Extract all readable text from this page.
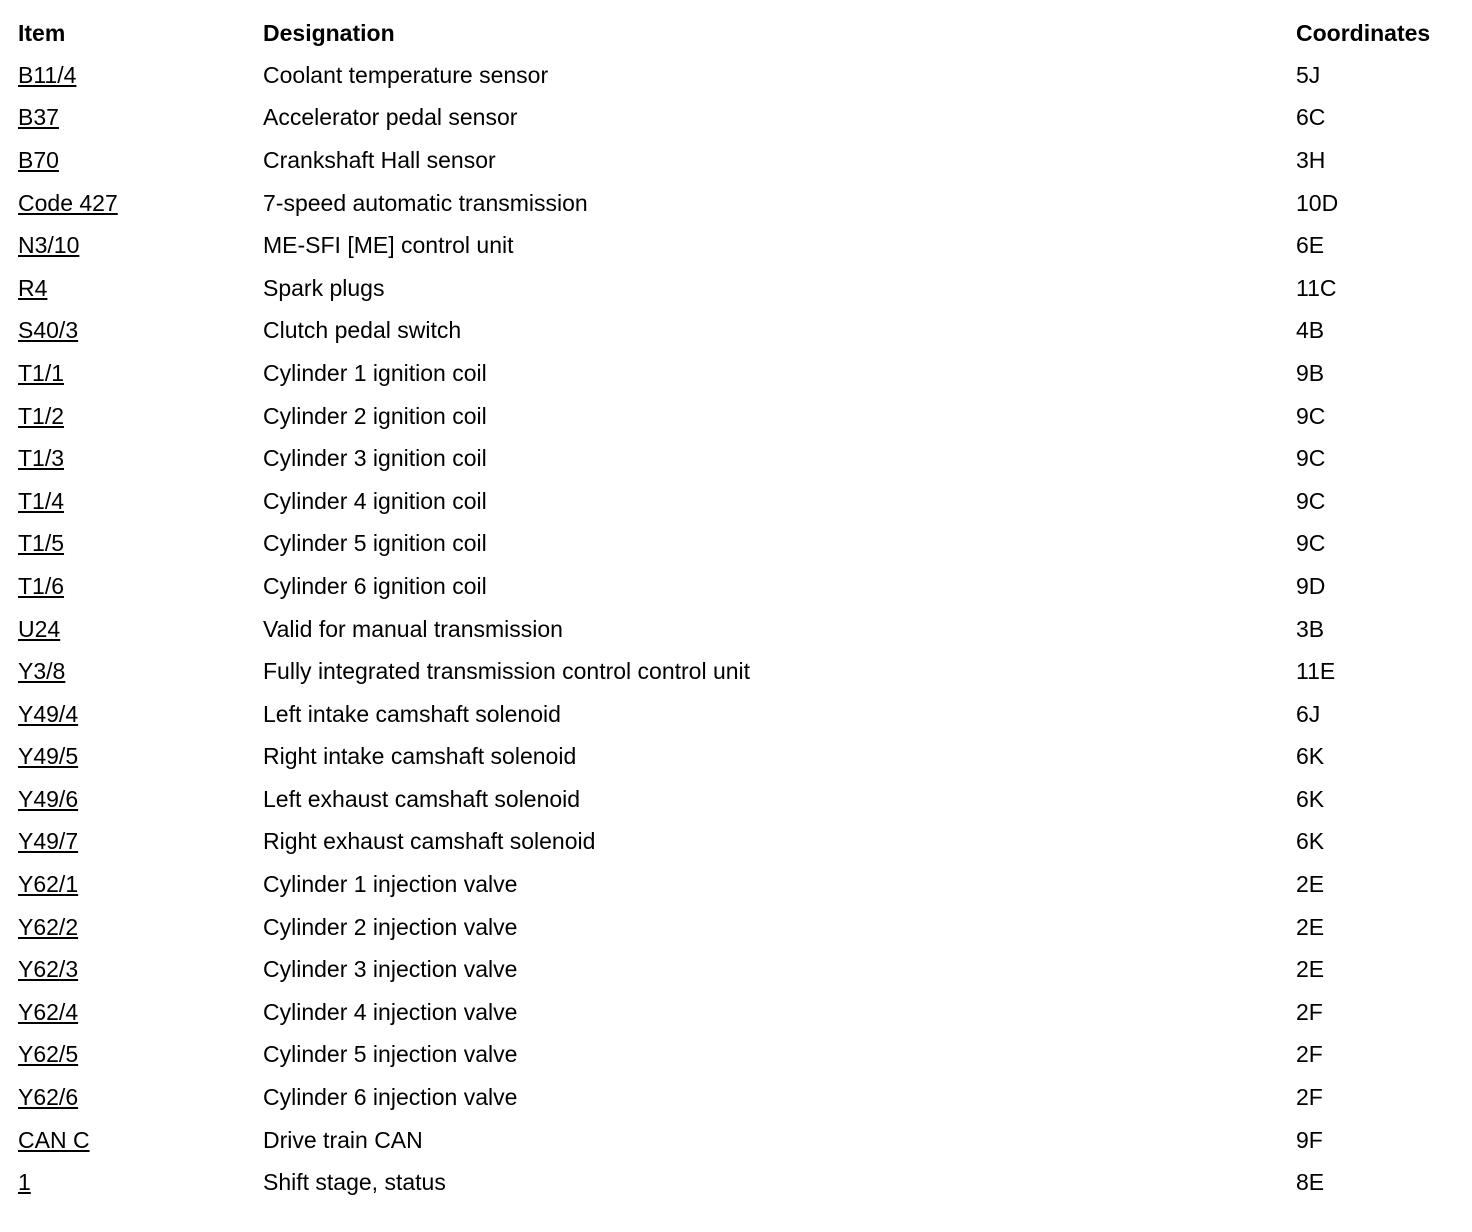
Item	Designation	Coordinates
B11/4	Coolant temperature sensor	5J
B37	Accelerator pedal sensor	6C
B70	Crankshaft Hall sensor	3H
Code 427	7-speed automatic transmission	10D
N3/10	ME-SFI [ME] control unit	6E
R4	Spark plugs	11C
S40/3	Clutch pedal switch	4B
T1/1	Cylinder 1 ignition coil	9B
T1/2	Cylinder 2 ignition coil	9C
T1/3	Cylinder 3 ignition coil	9C
T1/4	Cylinder 4 ignition coil	9C
T1/5	Cylinder 5 ignition coil	9C
T1/6	Cylinder 6 ignition coil	9D
U24	Valid for manual transmission	3B
Y3/8	Fully integrated transmission control control unit	11E
Y49/4	Left intake camshaft solenoid	6J
Y49/5	Right intake camshaft solenoid	6K
Y49/6	Left exhaust camshaft solenoid	6K
Y49/7	Right exhaust camshaft solenoid	6K
Y62/1	Cylinder 1 injection valve	2E
Y62/2	Cylinder 2 injection valve	2E
Y62/3	Cylinder 3 injection valve	2E
Y62/4	Cylinder 4 injection valve	2F
Y62/5	Cylinder 5 injection valve	2F
Y62/6	Cylinder 6 injection valve	2F
CAN C	Drive train CAN	9F
1	Shift stage, status	8E
